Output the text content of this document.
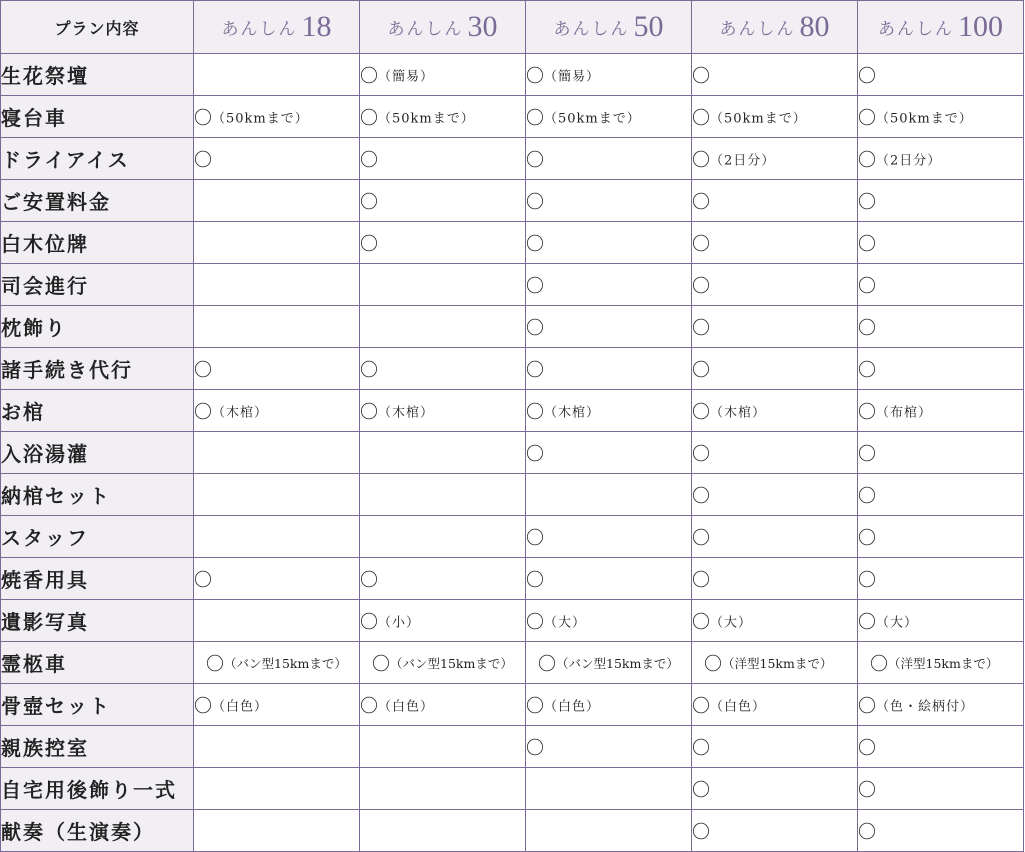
プラン内容	あんしん 18	あんしん 30	あんしん 50	あんしん 80	あんしん 100
生花祭壇		〇（簡易）	〇（簡易）	〇	〇
寝台車	〇（50kmまで）	〇（50kmまで）	〇（50kmまで）	〇（50kmまで）	〇（50kmまで）
ドライアイス	〇	〇	〇	〇（2日分）	〇（2日分）
ご安置料金		〇	〇	〇	〇
白木位牌		〇	〇	〇	〇
司会進行			〇	〇	〇
枕飾り			〇	〇	〇
諸手続き代行	〇	〇	〇	〇	〇
お棺	〇（木棺）	〇（木棺）	〇（木棺）	〇（木棺）	〇（布棺）
入浴湯灌			〇	〇	〇
納棺セット				〇	〇
スタッフ			〇	〇	〇
焼香用具	〇	〇	〇	〇	〇
遺影写真		〇（小）	〇（大）	〇（大）	〇（大）
霊柩車	〇（バン型15kmまで）	〇（バン型15kmまで）	〇（バン型15kmまで）	〇（洋型15kmまで）	〇（洋型15kmまで）
骨壺セット	〇（白色）	〇（白色）	〇（白色）	〇（白色）	〇（色・絵柄付）
親族控室			〇	〇	〇
自宅用後飾り一式				〇	〇
献奏（生演奏）				〇	〇
